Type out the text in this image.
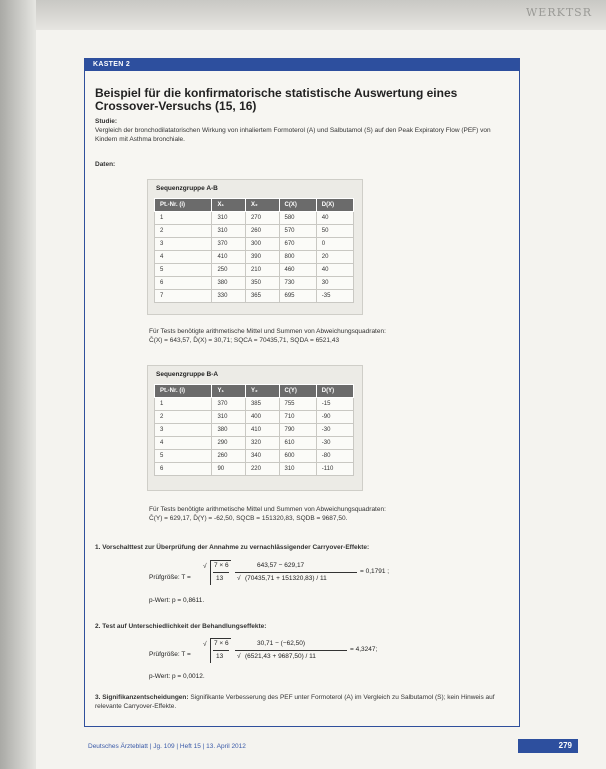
WERKTSR
KASTEN 2
Beispiel für die konfirmatorische statistische Auswertung eines Crossover-Versuchs (15, 16)
Studie:
Vergleich der bronchodilatatorischen Wirkung von inhaliertem Formoterol (A) und Salbutamol (S) auf den Peak Expiratory Flow (PEF) von Kindern mit Asthma bronchiale.
Daten:
Sequenzgruppe A-B
Pt.-Nr. (i)	X₁	X₂	C(X)	D(X)
1	310	270	580	40
2	310	260	570	50
3	370	300	670	0
4	410	390	800	20
5	250	210	460	40
6	380	350	730	30
7	330	365	695	-35
Für Tests benötigte arithmetische Mittel und Summen von Abweichungsquadraten:
C̄(X) = 643,57, D̄(X) = 30,71; SQCA = 70435,71, SQDA = 6521,43
Sequenzgruppe B-A
Pt.-Nr. (i)	Y₁	Y₂	C(Y)	D(Y)
1	370	385	755	-15
2	310	400	710	-90
3	380	410	790	-30
4	290	320	610	-30
5	260	340	600	-80
6	90	220	310	-110
Für Tests benötigte arithmetische Mittel und Summen von Abweichungsquadraten:
C̄(Y) = 629,17, D̄(Y) = -62,50, SQCB = 151320,83, SQDB = 9687,50.
1. Vorschalttest zur Überprüfung der Annahme zu vernachlässigender Carryover-Effekte:
Prüfgröße: T =
√ 7 × 6
13
643,57 − 629,17
√ (70435,71 + 151320,83) / 11
= 0,1791 ;
p-Wert: p = 0,8611.
2. Test auf Unterschiedlichkeit der Behandlungseffekte:
Prüfgröße: T =
√ 7 × 6
13
30,71 − (−62,50)
√ (6521,43 + 9687,50) / 11
= 4,3247;
p-Wert: p = 0,0012.
3. Signifikanzentscheidungen: Signifikante Verbesserung des PEF unter Formoterol (A) im Vergleich zu Salbutamol (S); kein Hinweis auf relevante Carryover-Effekte.
Deutsches Ärzteblatt | Jg. 109 | Heft 15 | 13. April 2012	279
